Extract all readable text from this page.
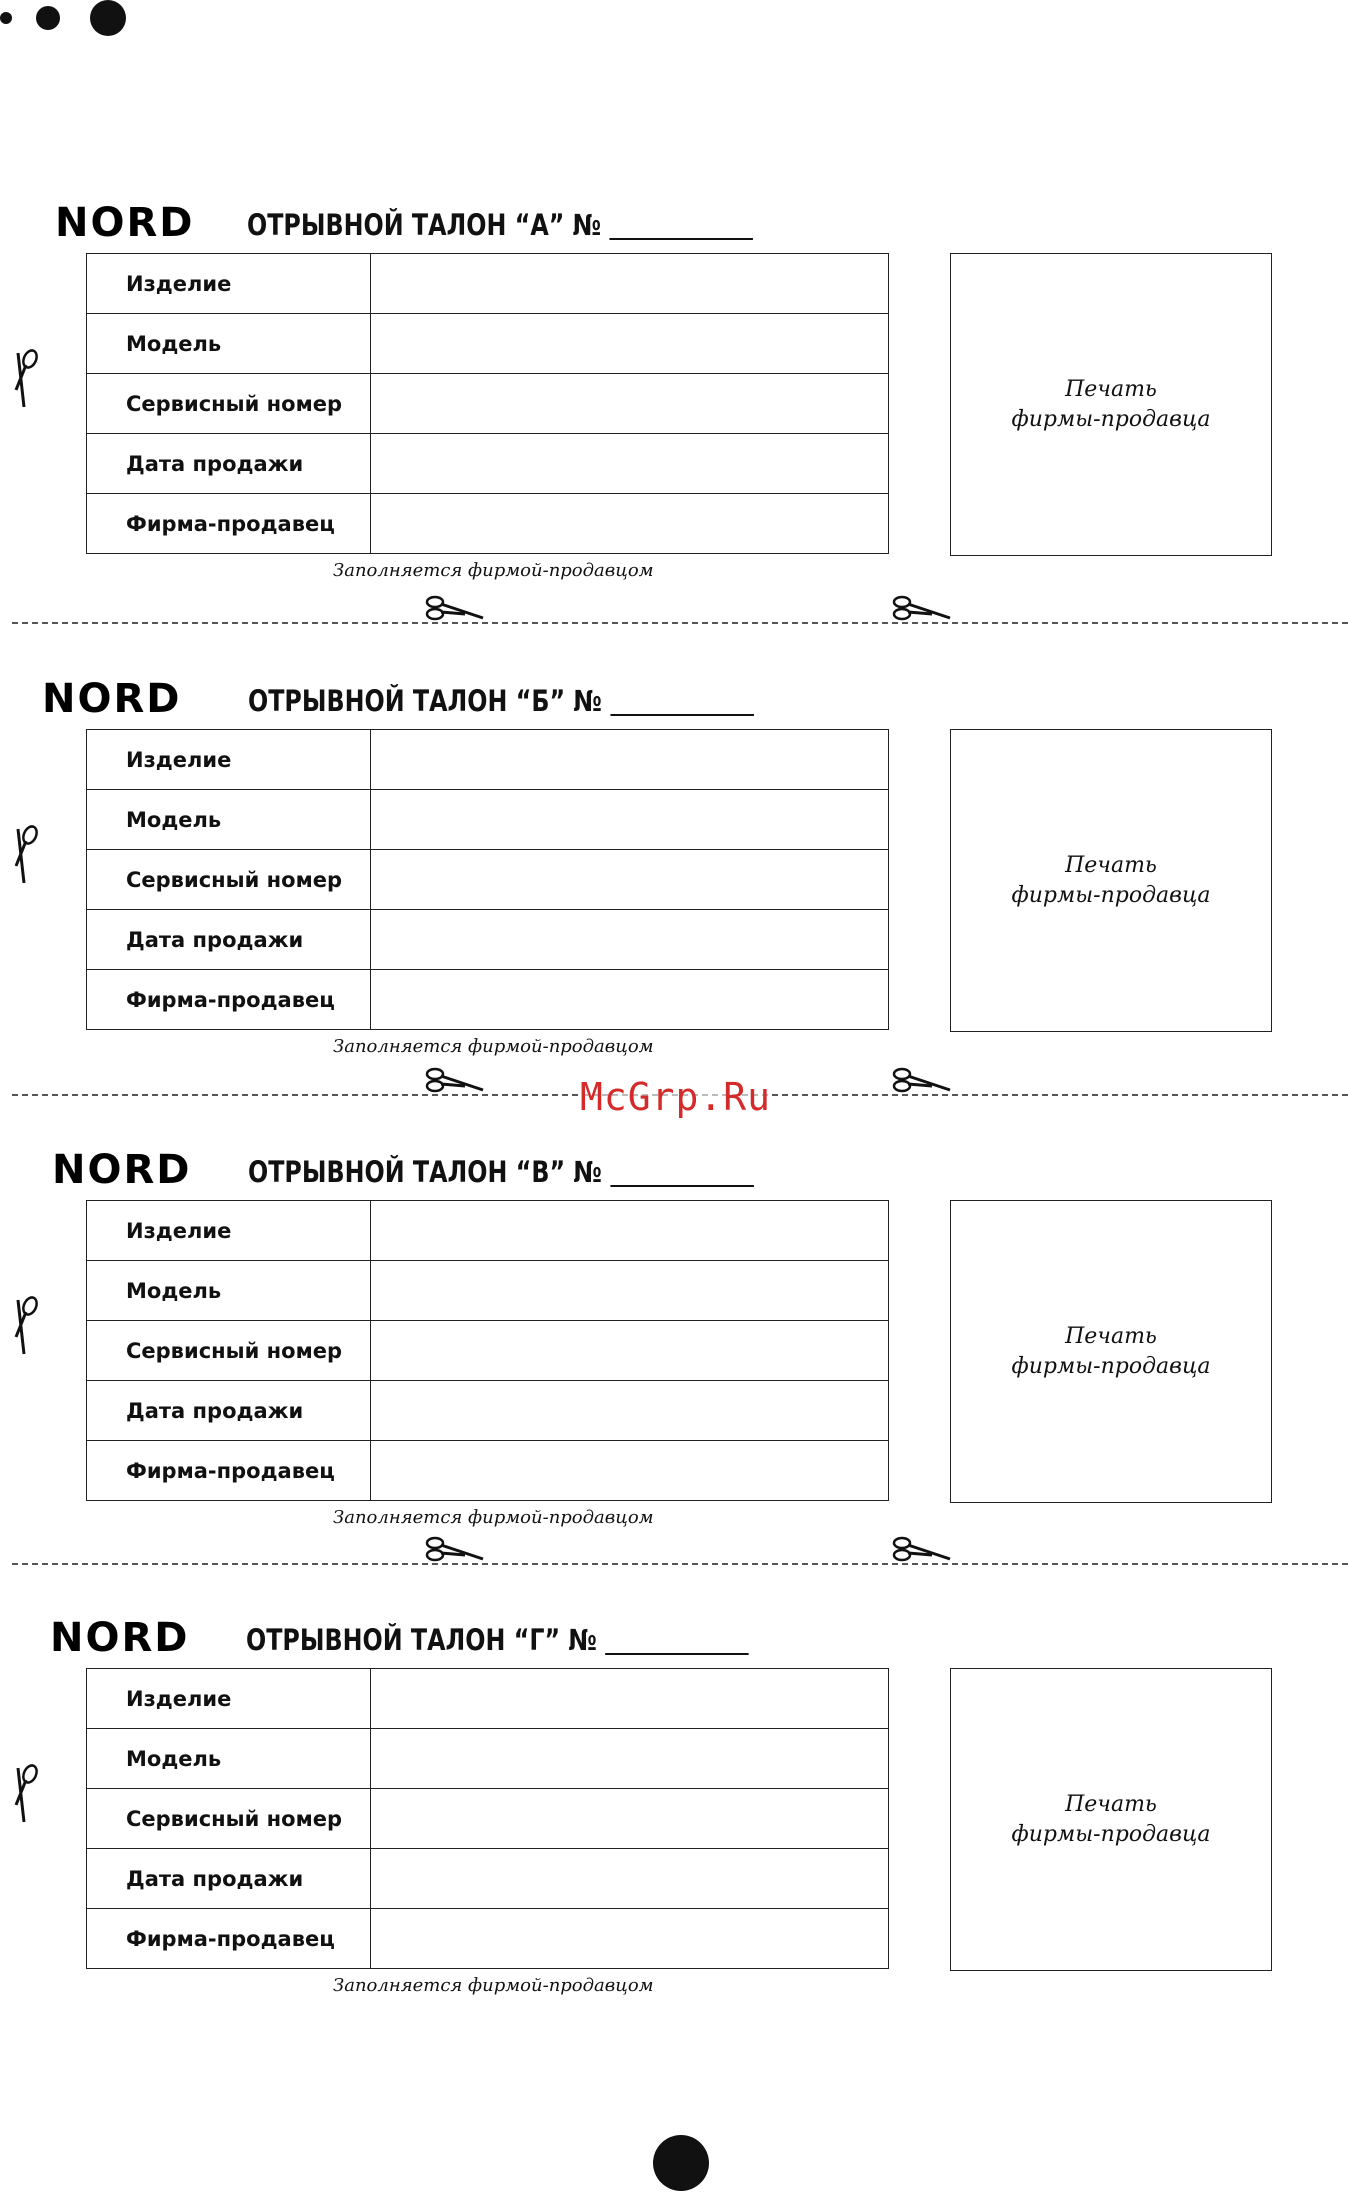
NORD ОТРЫВНОЙ ТАЛОН “А” №
Изделие	
Модель	
Сервисный номер	
Дата продажи	
Фирма-продавец	
Печать
фирмы-продавца
Заполняется фирмой-продавцом
NORD ОТРЫВНОЙ ТАЛОН “Б” №
Изделие	
Модель	
Сервисный номер	
Дата продажи	
Фирма-продавец	
Печать
фирмы-продавца
Заполняется фирмой-продавцом
McGrp.Ru
NORD ОТРЫВНОЙ ТАЛОН “В” №
Изделие	
Модель	
Сервисный номер	
Дата продажи	
Фирма-продавец	
Печать
фирмы-продавца
Заполняется фирмой-продавцом
NORD ОТРЫВНОЙ ТАЛОН “Г” №
Изделие	
Модель	
Сервисный номер	
Дата продажи	
Фирма-продавец	
Печать
фирмы-продавца
Заполняется фирмой-продавцом
